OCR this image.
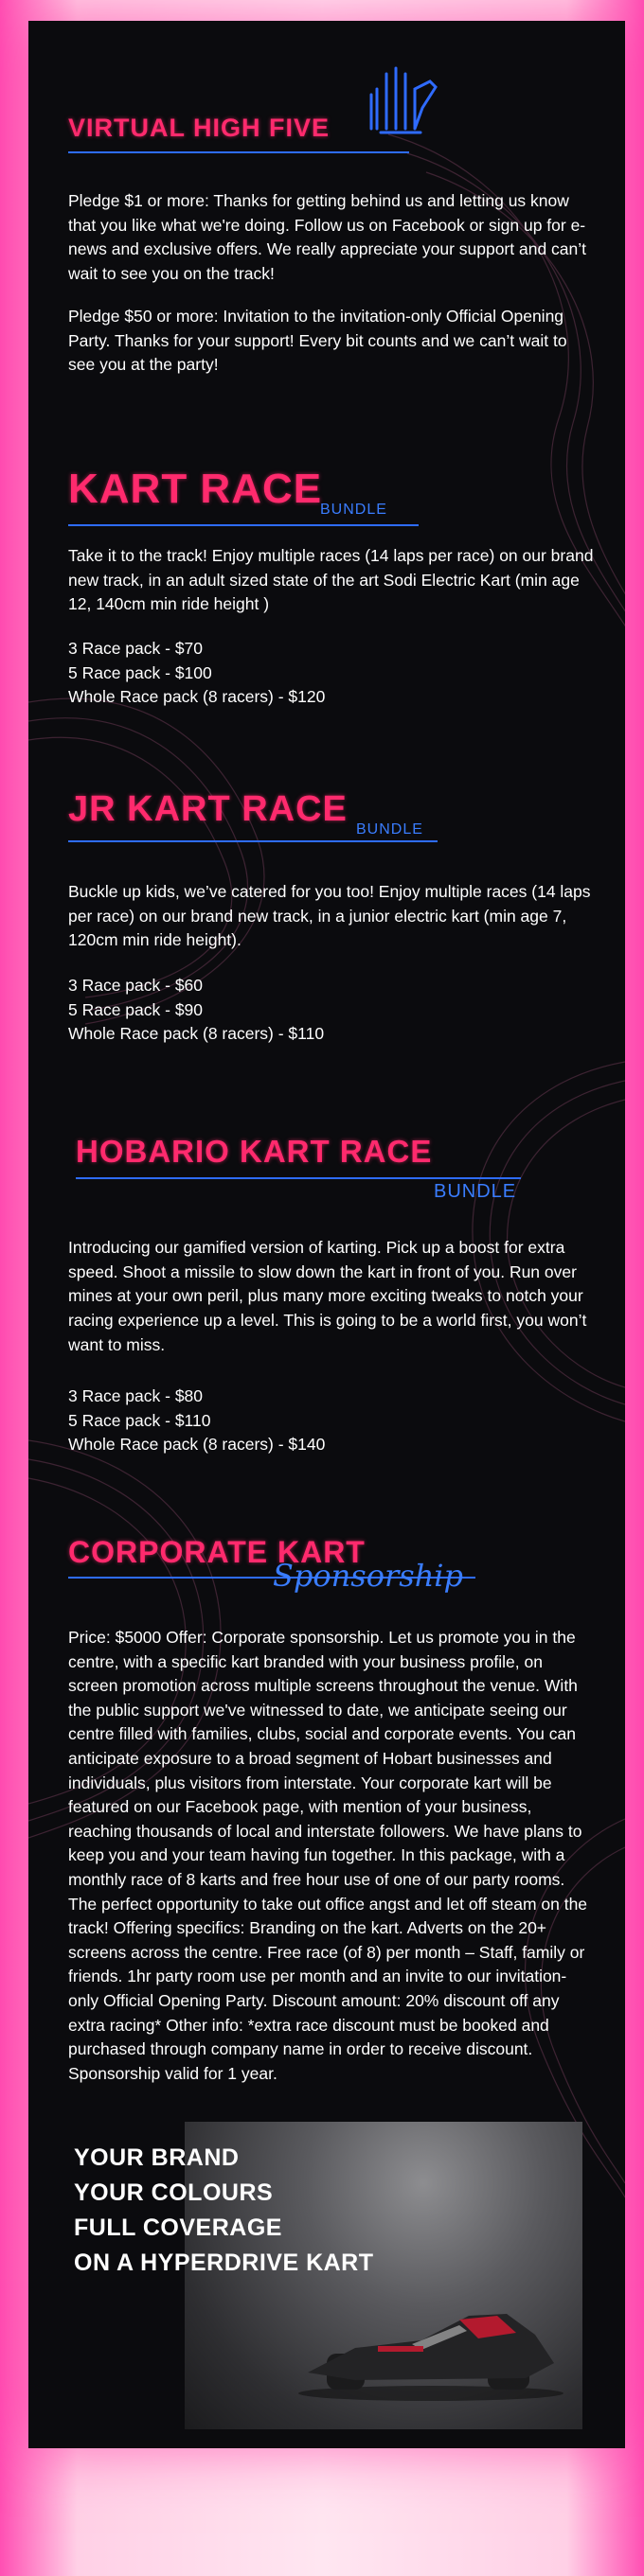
VIRTUAL HIGH FIVE

Pledge $1 or more: Thanks for getting behind us and letting us know that you like what we're doing. Follow us on Facebook or sign up for e-news and exclusive offers. We really appreciate your support and can’t wait to see you on the track!

Pledge $50 or more: Invitation to the invitation-only Official Opening Party. Thanks for your support! Every bit counts and we can’t wait to see you at the party!

KART RACE
BUNDLE

Take it to the track! Enjoy multiple races (14 laps per race) on our brand new track, in an adult sized state of the art Sodi Electric Kart (min age 12, 140cm min ride height )

3 Race pack - $70
5 Race pack - $100
Whole Race pack (8 racers) - $120
JR KART RACE
BUNDLE

Buckle up kids, we’ve catered for you too! Enjoy multiple races (14 laps per race) on our brand new track, in a junior electric kart (min age 7, 120cm min ride height).

3 Race pack - $60
5 Race pack - $90
Whole Race pack (8 racers) - $110
HOBARIO KART RACE
BUNDLE

Introducing our gamified version of karting. Pick up a boost for extra speed. Shoot a missile to slow down the kart in front of you. Run over mines at your own peril, plus many more exciting tweaks to notch your racing experience up a level. This is going to be a world first, you won’t want to miss.

3 Race pack - $80
5 Race pack - $110
Whole Race pack (8 racers) - $140
CORPORATE KART
Sponsorship

Price: $5000 Offer: Corporate sponsorship. Let us promote you in the centre, with a specific kart branded with your business profile, on screen promotion across multiple screens throughout the venue. With the public support we've witnessed to date, we anticipate seeing our centre filled with families, clubs, social and corporate events. You can anticipate exposure to a broad segment of Hobart businesses and individuals, plus visitors from interstate. Your corporate kart will be featured on our Facebook page, with mention of your business, reaching thousands of local and interstate followers. We have plans to keep you and your team having fun together. In this package, with a monthly race of 8 karts and free hour use of one of our party rooms. The perfect opportunity to take out office angst and let off steam on the track! Offering specifics: Branding on the kart. Adverts on the 20+ screens across the centre. Free race (of 8) per month – Staff, family or friends. 1hr party room use per month and an invite to our invitation-only Official Opening Party. Discount amount: 20% discount off any extra racing* Other info: *extra race discount must be booked and purchased through company name in order to receive discount. Sponsorship valid for 1 year.

YOUR BRAND
YOUR COLOURS
FULL COVERAGE
ON A HYPERDRIVE KART
